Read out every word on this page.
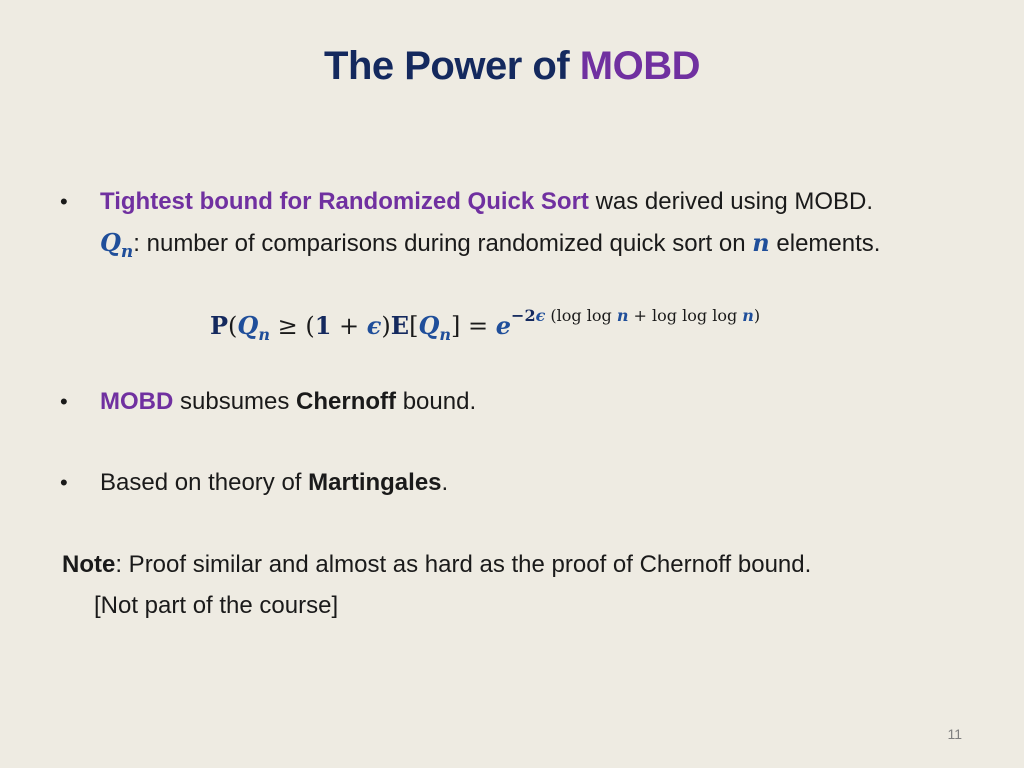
The Power of MOBD
• Tightest bound for Randomized Quick Sort was derived using MOBD.
$Q_n$: number of comparisons during randomized quick sort on n elements.
$P(Q_n \ge (1 + \epsilon)E[Q_n] = e^{-2\epsilon (log log n + log log log n)}$
• MOBD subsumes Chernoff bound.
• Based on theory of Martingales.
Note: Proof similar and almost as hard as the proof of Chernoff bound.
[Not part of the course]
11
